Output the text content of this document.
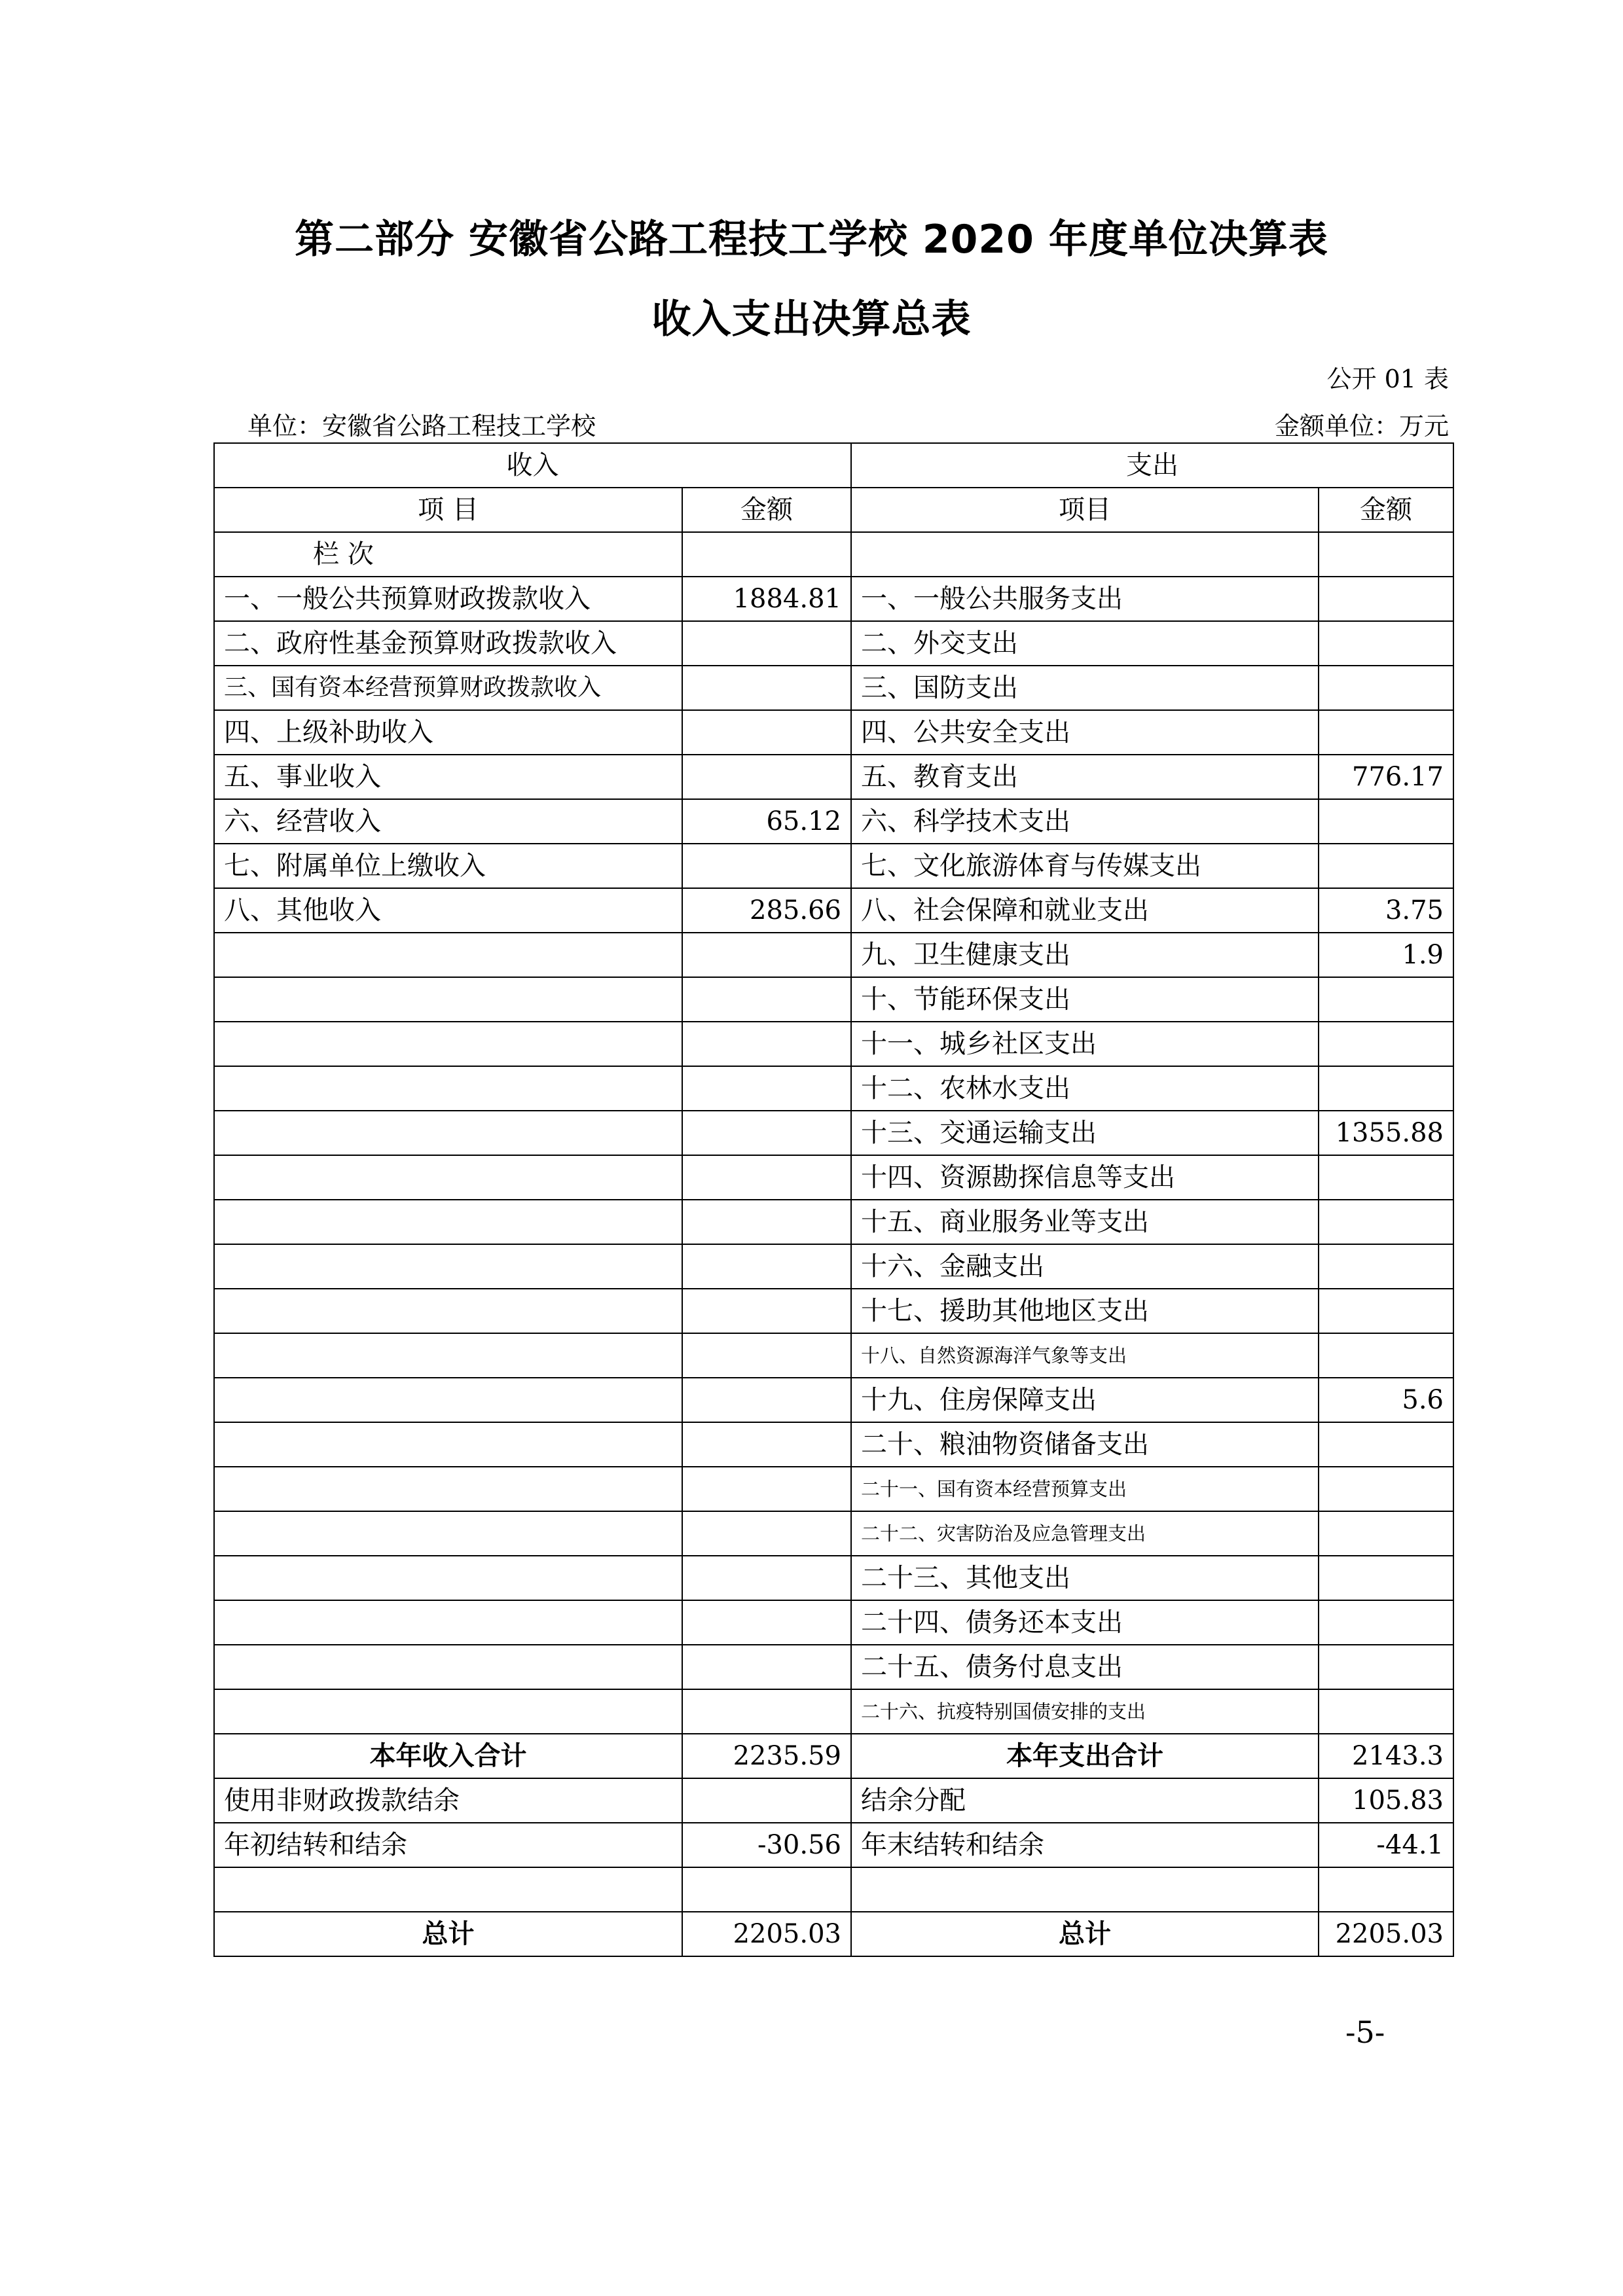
第二部分 安徽省公路工程技工学校 2020 年度单位决算表
收入支出决算总表
公开 01 表
单位：安徽省公路工程技工学校	金额单位：万元
收入		支出	
项 目	金额	项目	金额
栏 次			
一、一般公共预算财政拨款收入	1884.81	一、一般公共服务支出	
二、政府性基金预算财政拨款收入		二、外交支出	
三、国有资本经营预算财政拨款收入		三、国防支出	
四、上级补助收入		四、公共安全支出	
五、事业收入		五、教育支出	776.17
六、经营收入	65.12	六、科学技术支出	
七、附属单位上缴收入		七、文化旅游体育与传媒支出	
八、其他收入	285.66	八、社会保障和就业支出	3.75
		九、卫生健康支出	1.9
		十、节能环保支出	
		十一、城乡社区支出	
		十二、农林水支出	
		十三、交通运输支出	1355.88
		十四、资源勘探信息等支出	
		十五、商业服务业等支出	
		十六、金融支出	
		十七、援助其他地区支出	
		十八、自然资源海洋气象等支出	
		十九、住房保障支出	5.6
		二十、粮油物资储备支出	
		二十一、国有资本经营预算支出	
		二十二、灾害防治及应急管理支出	
		二十三、其他支出	
		二十四、债务还本支出	
		二十五、债务付息支出	
		二十六、抗疫特别国债安排的支出	
本年收入合计	2235.59	本年支出合计	2143.3
使用非财政拨款结余		结余分配	105.83
年初结转和结余	-30.56	年末结转和结余	-44.1

总计	2205.03	总计	2205.03
-5-
